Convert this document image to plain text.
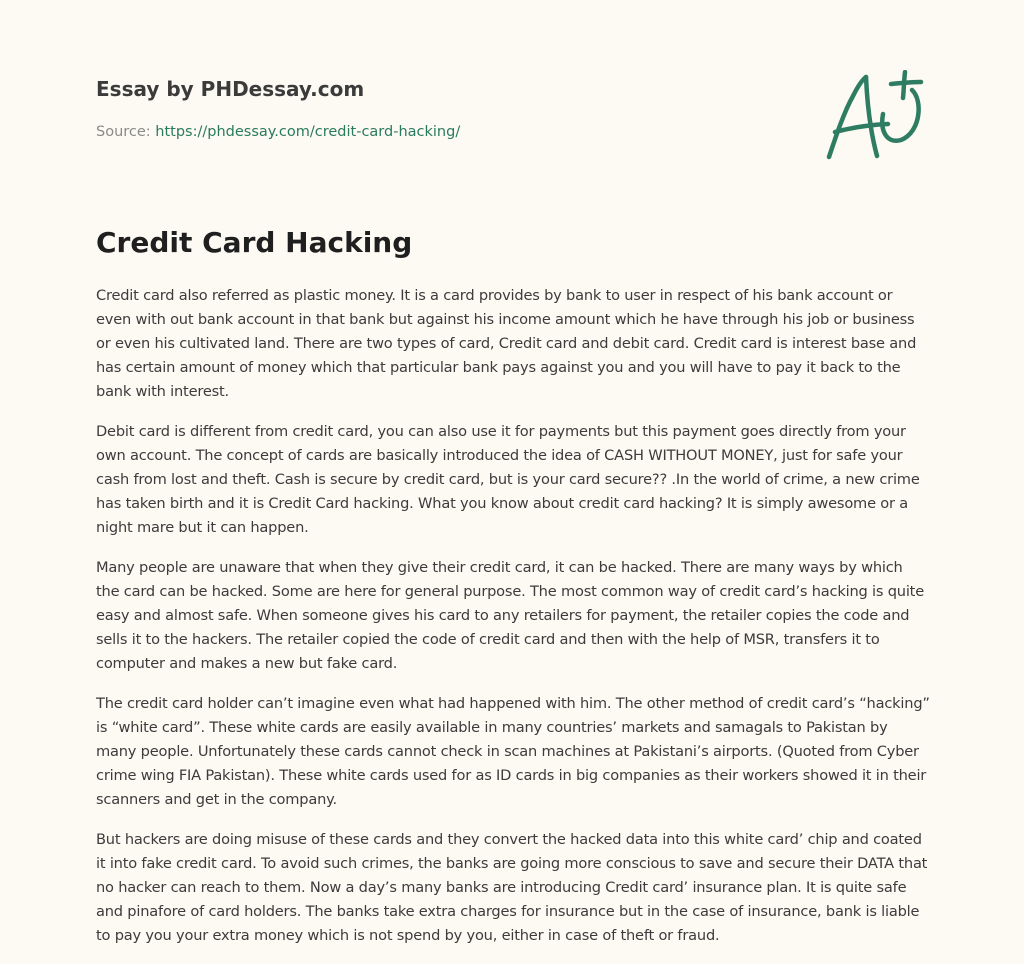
Essay by PHDessay.com
Source: https://phdessay.com/credit-card-hacking/
Credit Card Hacking

Credit card also referred as plastic money. It is a card provides by bank to user in respect of his bank account or even with out bank account in that bank but against his income amount which he have through his job or business or even his cultivated land. There are two types of card, Credit card and debit card. Credit card is interest base and has certain amount of money which that particular bank pays against you and you will have to pay it back to the bank with interest.

Debit card is different from credit card, you can also use it for payments but this payment goes directly from your own account. The concept of cards are basically introduced the idea of CASH WITHOUT MONEY, just for safe your cash from lost and theft. Cash is secure by credit card, but is your card secure?? .In the world of crime, a new crime has taken birth and it is Credit Card hacking. What you know about credit card hacking? It is simply awesome or a night mare but it can happen.

Many people are unaware that when they give their credit card, it can be hacked. There are many ways by which the card can be hacked. Some are here for general purpose. The most common way of credit card’s hacking is quite easy and almost safe. When someone gives his card to any retailers for payment, the retailer copies the code and sells it to the hackers. The retailer copied the code of credit card and then with the help of MSR, transfers it to computer and makes a new but fake card.

The credit card holder can’t imagine even what had happened with him. The other method of credit card’s “hacking” is “white card”. These white cards are easily available in many countries’ markets and samagals to Pakistan by many people. Unfortunately these cards cannot check in scan machines at Pakistani’s airports. (Quoted from Cyber crime wing FIA Pakistan). These white cards used for as ID cards in big companies as their workers showed it in their scanners and get in the company.

But hackers are doing misuse of these cards and they convert the hacked data into this white card’ chip and coated it into fake credit card. To avoid such crimes, the banks are going more conscious to save and secure their DATA that no hacker can reach to them. Now a day’s many banks are introducing Credit card’ insurance plan. It is quite safe and pinafore of card holders. The banks take extra charges for insurance but in the case of insurance, bank is liable to pay you your extra money which is not spend by you, either in case of theft or fraud.
